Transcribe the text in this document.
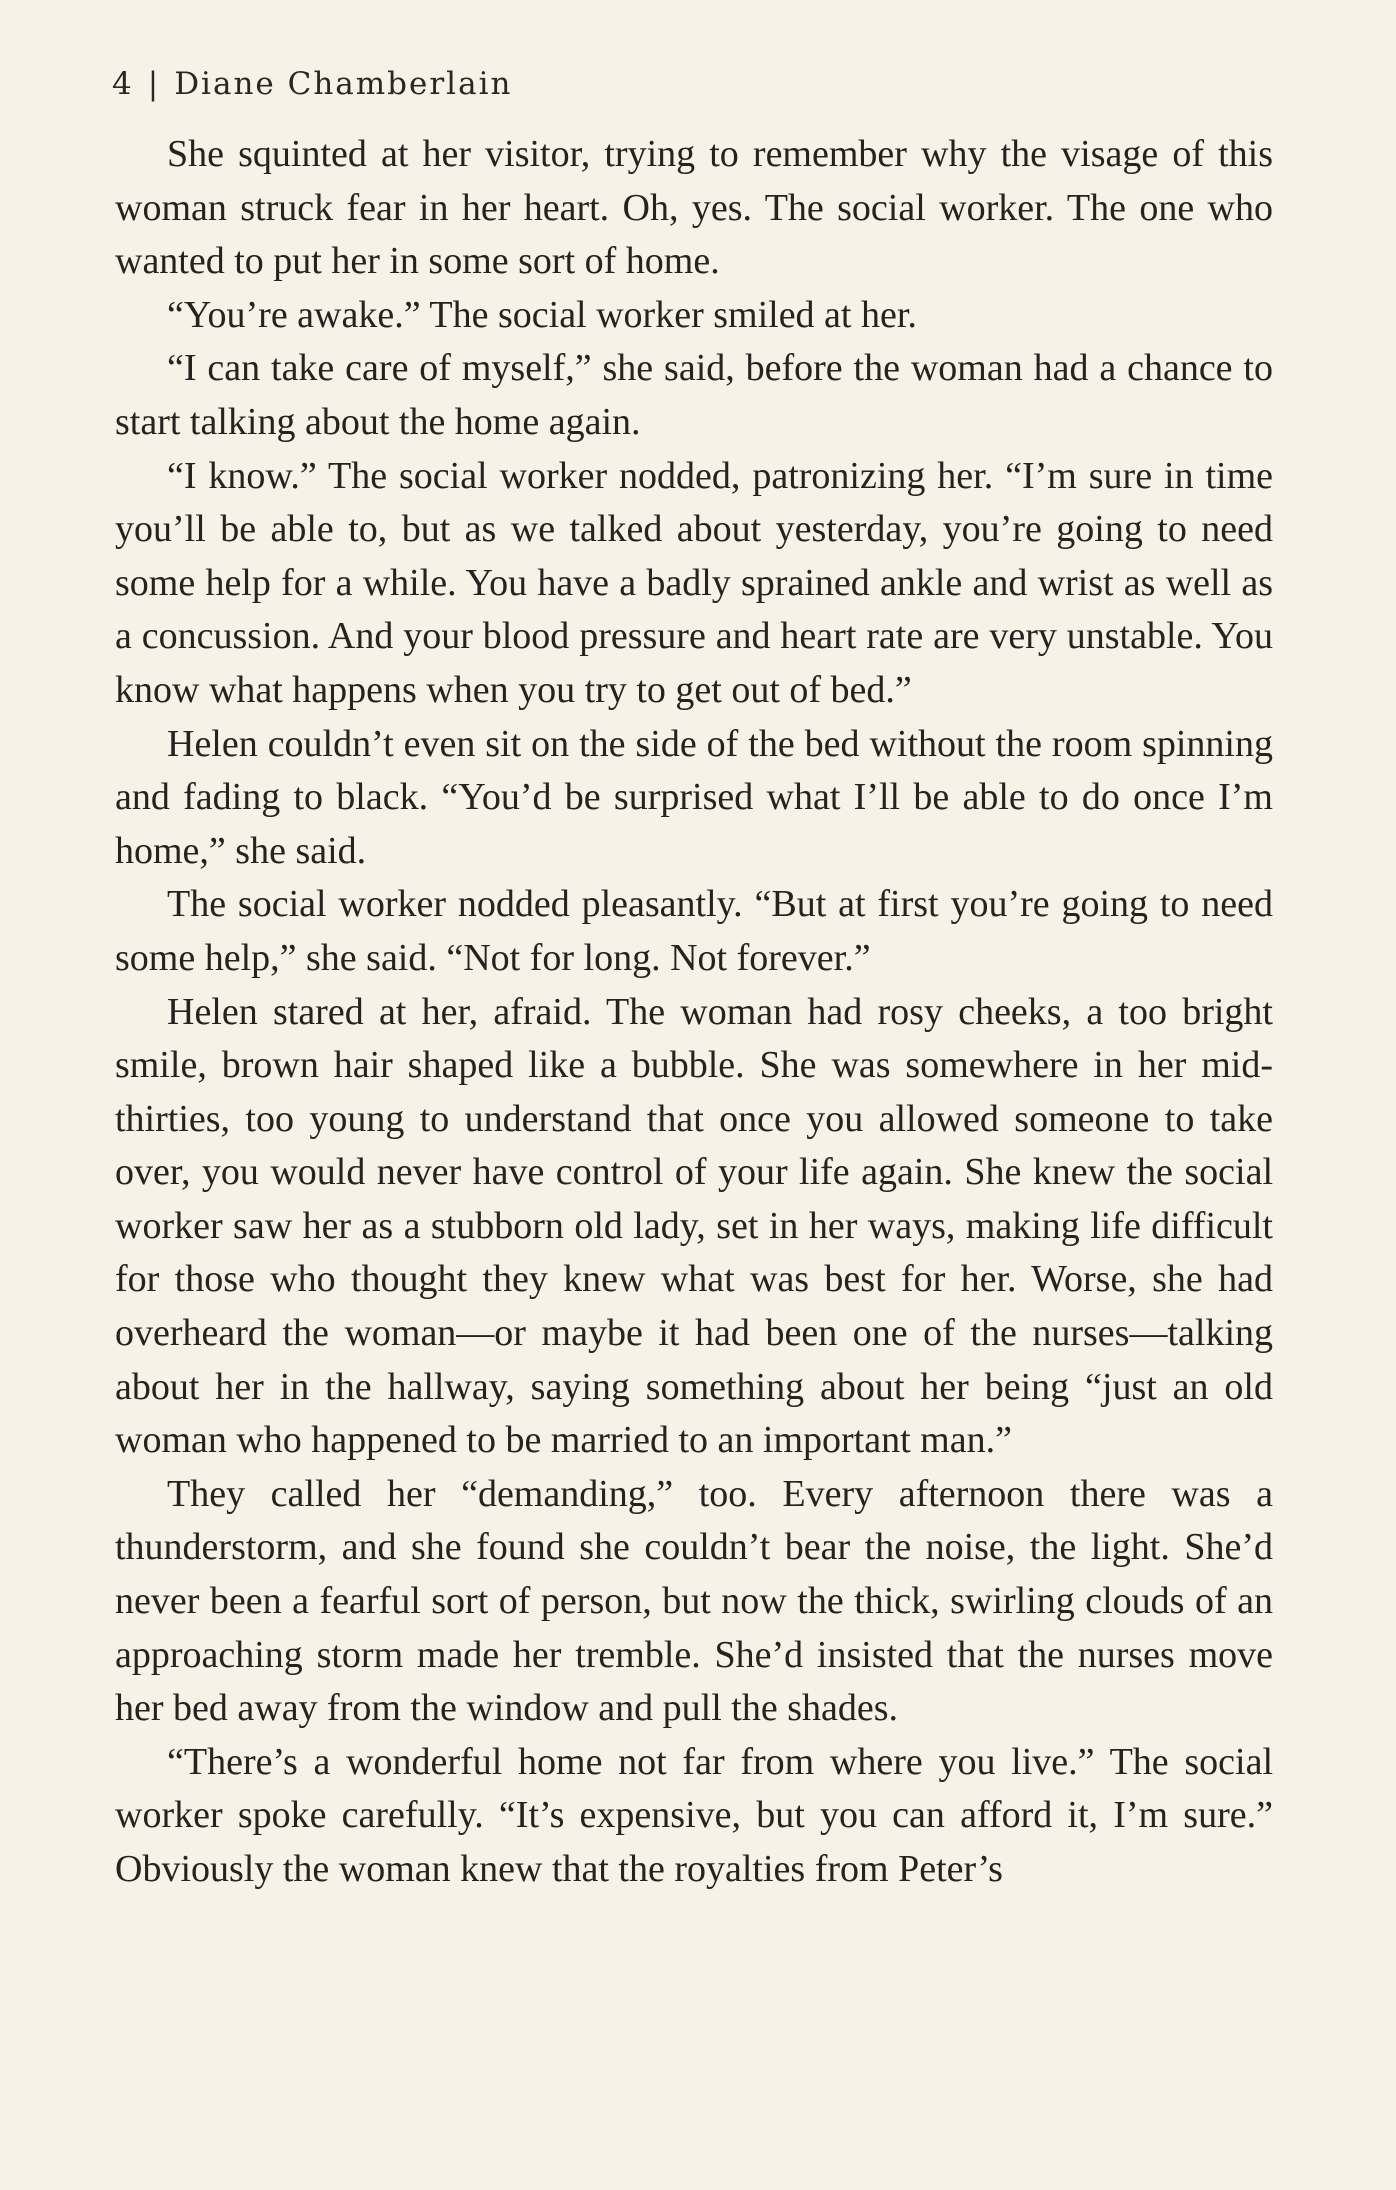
4 | Diane Chamberlain

She squinted at her visitor, trying to remember why the visage of this woman struck fear in her heart. Oh, yes. The social worker. The one who wanted to put her in some sort of home.

“You’re awake.” The social worker smiled at her.

“I can take care of myself,” she said, before the woman had a chance to start talking about the home again.

“I know.” The social worker nodded, patronizing her. “I’m sure in time you’ll be able to, but as we talked about yesterday, you’re going to need some help for a while. You have a badly sprained ankle and wrist as well as a concussion. And your blood pressure and heart rate are very unstable. You know what happens when you try to get out of bed.”

Helen couldn’t even sit on the side of the bed without the room spinning and fading to black. “You’d be surprised what I’ll be able to do once I’m home,” she said.

The social worker nodded pleasantly. “But at first you’re going to need some help,” she said. “Not for long. Not forever.”

Helen stared at her, afraid. The woman had rosy cheeks, a too bright smile, brown hair shaped like a bubble. She was somewhere in her mid-thirties, too young to understand that once you allowed someone to take over, you would never have control of your life again. She knew the social worker saw her as a stubborn old lady, set in her ways, making life difficult for those who thought they knew what was best for her. Worse, she had overheard the woman—or maybe it had been one of the nurses—talking about her in the hallway, saying something about her being “just an old woman who happened to be married to an important man.”

They called her “demanding,” too. Every afternoon there was a thunderstorm, and she found she couldn’t bear the noise, the light. She’d never been a fearful sort of person, but now the thick, swirling clouds of an approaching storm made her tremble. She’d insisted that the nurses move her bed away from the window and pull the shades.

“There’s a wonderful home not far from where you live.” The social worker spoke carefully. “It’s expensive, but you can afford it, I’m sure.” Obviously the woman knew that the royalties from Peter’s
